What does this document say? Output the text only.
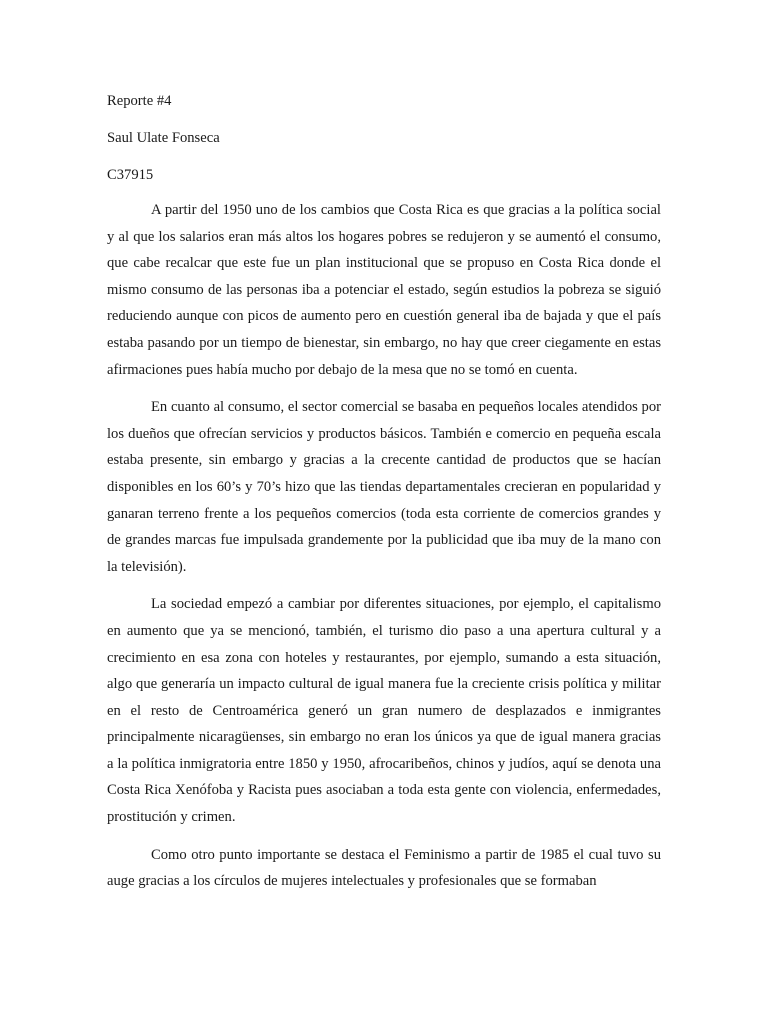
Reporte #4

Saul Ulate Fonseca

C37915

A partir del 1950 uno de los cambios que Costa Rica es que gracias a la política social y al que los salarios eran más altos los hogares pobres se redujeron y se aumentó el consumo, que cabe recalcar que este fue un plan institucional que se propuso en Costa Rica donde el mismo consumo de las personas iba a potenciar el estado, según estudios la pobreza se siguió reduciendo aunque con picos de aumento pero en cuestión general iba de bajada y que el país estaba pasando por un tiempo de bienestar, sin embargo, no hay que creer ciegamente en estas afirmaciones pues había mucho por debajo de la mesa que no se tomó en cuenta.

En cuanto al consumo, el sector comercial se basaba en pequeños locales atendidos por los dueños que ofrecían servicios y productos básicos. También e comercio en pequeña escala estaba presente, sin embargo y gracias a la crecente cantidad de productos que se hacían disponibles en los 60’s y 70’s hizo que las tiendas departamentales crecieran en popularidad y ganaran terreno frente a los pequeños comercios (toda esta corriente de comercios grandes y de grandes marcas fue impulsada grandemente por la publicidad que iba muy de la mano con la televisión).

La sociedad empezó a cambiar por diferentes situaciones, por ejemplo, el capitalismo en aumento que ya se mencionó, también, el turismo dio paso a una apertura cultural y a crecimiento en esa zona con hoteles y restaurantes, por ejemplo, sumando a esta situación, algo que generaría un impacto cultural de igual manera fue la creciente crisis política y militar en el resto de Centroamérica generó un gran numero de desplazados e inmigrantes principalmente nicaragüenses, sin embargo no eran los únicos ya que de igual manera gracias a la política inmigratoria entre 1850 y 1950, afrocaribeños, chinos y judíos, aquí se denota una Costa Rica Xenófoba y Racista pues asociaban a toda esta gente con violencia, enfermedades, prostitución y crimen.

Como otro punto importante se destaca el Feminismo a partir de 1985 el cual tuvo su auge gracias a los círculos de mujeres intelectuales y profesionales que se formaban
